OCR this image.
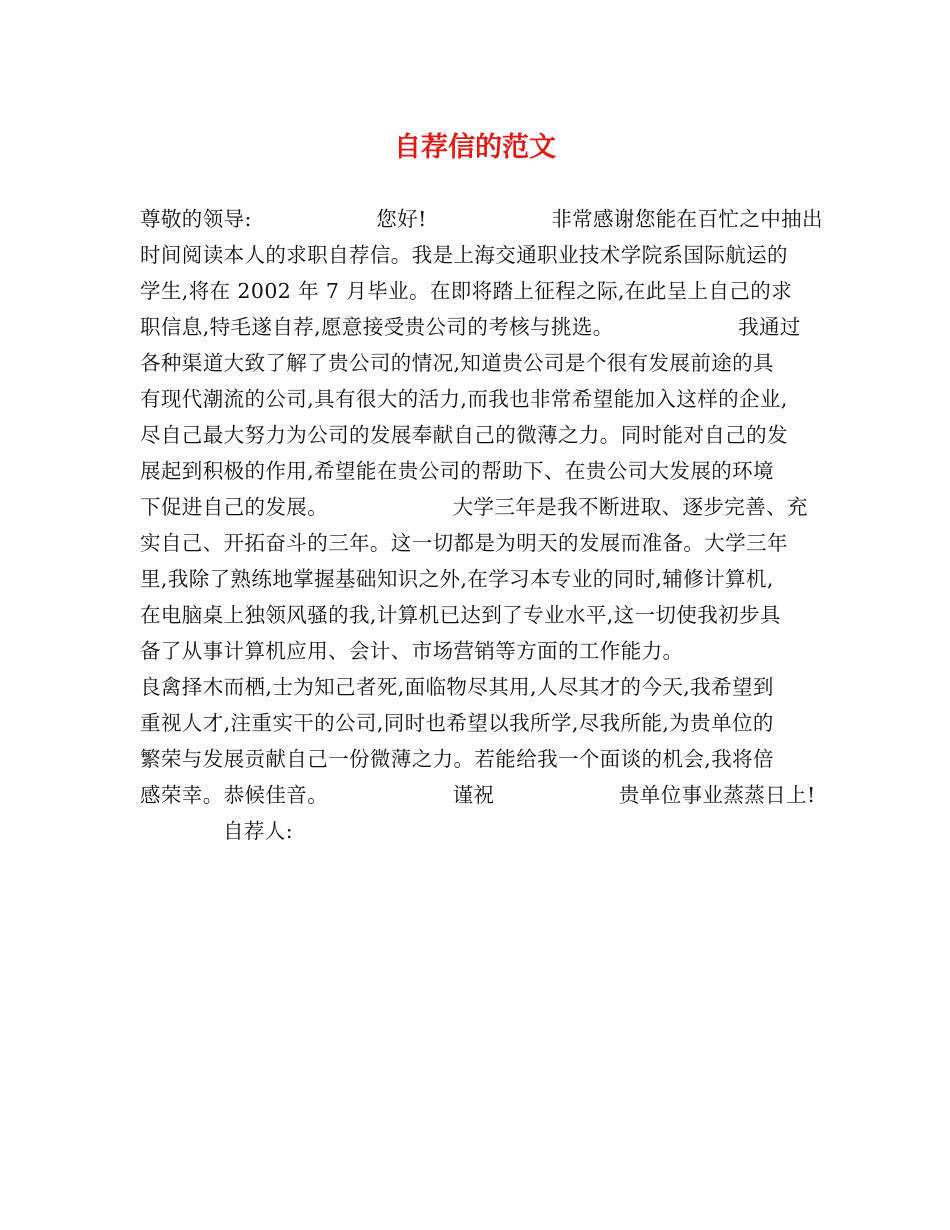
自荐信的范文
尊敬的领导:                  您好!                  非常感谢您能在百忙之中抽出
时间阅读本人的求职自荐信。我是上海交通职业技术学院系国际航运的
学生,将在 2002 年 7 月毕业。在即将踏上征程之际,在此呈上自己的求
职信息,特毛遂自荐,愿意接受贵公司的考核与挑选。                  我通过
各种渠道大致了解了贵公司的情况,知道贵公司是个很有发展前途的具
有现代潮流的公司,具有很大的活力,而我也非常希望能加入这样的企业,
尽自己最大努力为公司的发展奉献自己的微薄之力。同时能对自己的发
展起到积极的作用,希望能在贵公司的帮助下、在贵公司大发展的环境
下促进自己的发展。                  大学三年是我不断进取、逐步完善、充
实自己、开拓奋斗的三年。这一切都是为明天的发展而准备。大学三年
里,我除了熟练地掌握基础知识之外,在学习本专业的同时,辅修计算机,
在电脑桌上独领风骚的我,计算机已达到了专业水平,这一切使我初步具
备了从事计算机应用、会计、市场营销等方面的工作能力。
良禽择木而栖,士为知己者死,面临物尽其用,人尽其才的今天,我希望到
重视人才,注重实干的公司,同时也希望以我所学,尽我所能,为贵单位的
繁荣与发展贡献自己一份微薄之力。若能给我一个面谈的机会,我将倍
感荣幸。恭候佳音。                  谨祝                  贵单位事业蒸蒸日上!
自荐人:
